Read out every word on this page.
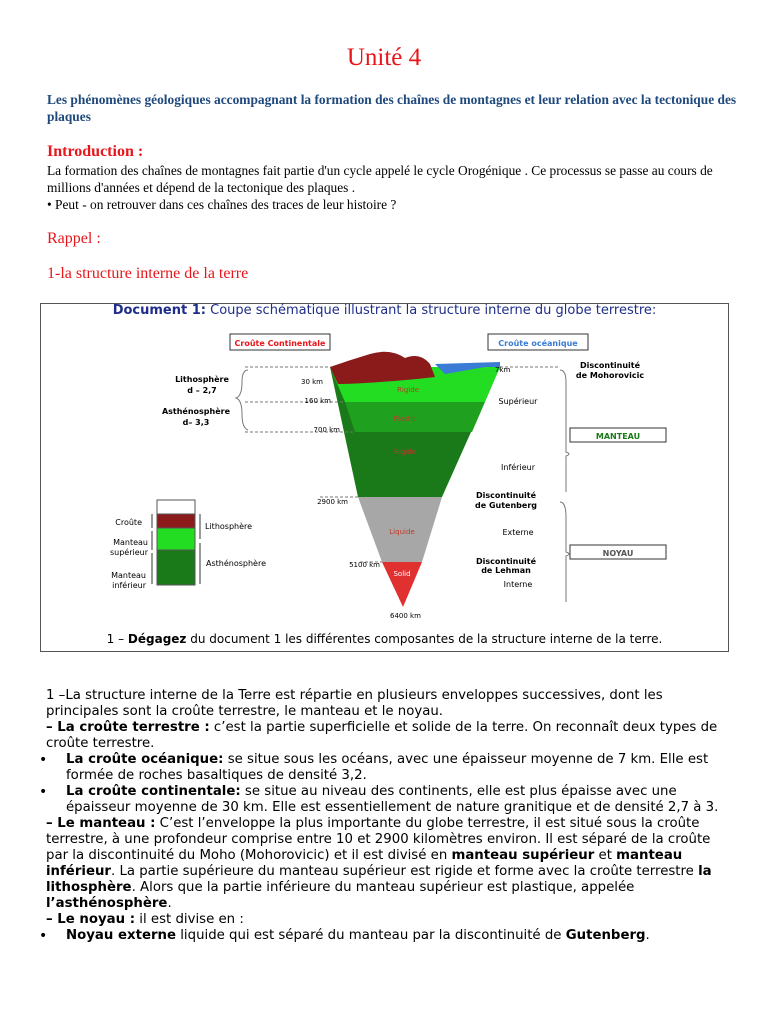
Unité 4
Les phénomènes géologiques accompagnant la formation des chaînes de montagnes et leur relation avec la tectonique des plaques
Introduction :

La formation des chaînes de montagnes fait partie d'un cycle appelé le cycle Orogénique . Ce processus se passe au cours de millions d'années et dépend de la tectonique des plaques .

• Peut - on retrouver dans ces chaînes des traces de leur histoire ?

Rappel :
1-la structure interne de la terre
Document 1: Coupe schématique illustrant la structure interne du globe terrestre:
Croûte Continentale	Croûte océanique
Lithosphère
d – 2,7
Asthénosphère
d– 3,3
30 km
7km
160 km
700 km
2900 km
5100 km
6400 km
Rigide
Plastic
Rigide
Liquide
Solid
Discontinuité
de Mohorovicic
Supérieur
MANTEAU
Inférieur
Discontinuité
de Gutenberg
Externe
NOYAU
Discontinuité
de Lehman
Interne
Croûte
Manteau
supérieur
Manteau
inférieur
Lithosphère
Asthénosphère
1 – Dégagez du document 1 les différentes composantes de la structure interne de la terre.

1 –La structure interne de la Terre est répartie en plusieurs enveloppes successives, dont les principales sont la croûte terrestre, le manteau et le noyau.

– La croûte terrestre : c’est la partie superficielle et solide de la terre. On reconnaît deux types de croûte terrestre.

• La croûte océanique: se situe sous les océans, avec une épaisseur moyenne de 7 km. Elle est formée de roches basaltiques de densité 3,2.

• La croûte continentale: se situe au niveau des continents, elle est plus épaisse avec une épaisseur moyenne de 30 km. Elle est essentiellement de nature granitique et de densité 2,7 à 3.

– Le manteau : C’est l’enveloppe la plus importante du globe terrestre, il est situé sous la croûte terrestre, à une profondeur comprise entre 10 et 2900 kilomètres environ. Il est séparé de la croûte par la discontinuité du Moho (Mohorovicic) et il est divisé en manteau supérieur et manteau inférieur. La partie supérieure du manteau supérieur est rigide et forme avec la croûte terrestre la lithosphère. Alors que la partie inférieure du manteau supérieur est plastique, appelée l’asthénosphère.

– Le noyau : il est divise en :

• Noyau externe liquide qui est séparé du manteau par la discontinuité de Gutenberg.
